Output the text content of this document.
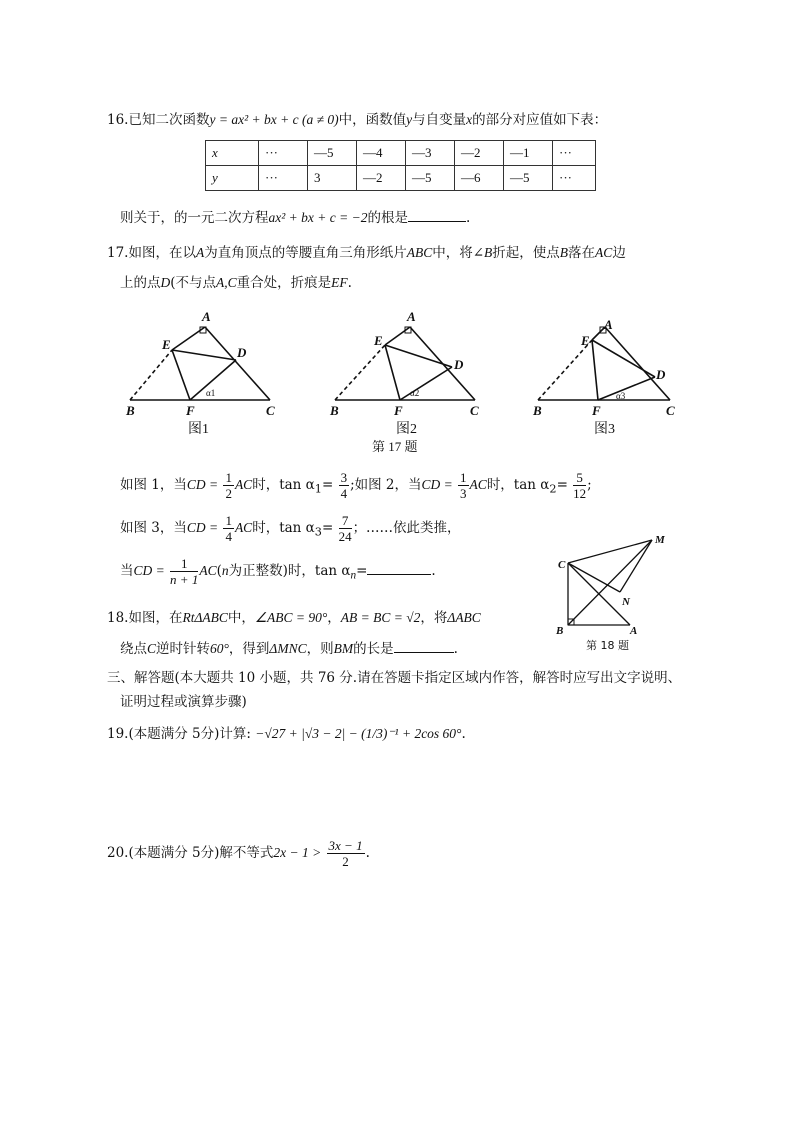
16.已知二次函数y = ax² + bx + c (a ≠ 0)中，函数值y与自变量x的部分对应值如下表：
x	···	—5	—4	—3	—2	—1	···
y	···	3	—2	—5	—6	—5	···
则关于，的一元二次方程ax² + bx + c = −2的根是	.
17.如图，在以A为直角顶点的等腰直角三角形纸片ABC中，将∠B折起，使点B落在AC边
上的点D(不与点A,C重合处，折痕是EF.
A
E
D
B	F	C
A
E
D
B	F	C
A
E
D
B	F	C
α1	α2	α3
图1	图2	图3
第 17 题
如图 1，当CD = $\frac{1}{2}$ AC时，$\tan \alpha_1= \frac{3}{4}$ ;如图 2，当CD = $\frac{1}{3}$ AC时，$\tan \alpha_2= \frac{5}{12}$ ;
如图 3，当CD = $\frac{1}{4}$ AC时，$\tan \alpha_3= \frac{7}{24}$ ；……依此类推，
当CD = $\frac{1}{n + 1} AC(n$为正整数)时，$\tan \alpha_n=$	.	C
M
N
B	A
第 18 题
18.如图，在RtΔABC中，∠ABC = 90°，AB = BC = √2，将ΔABC
绕点C逆时针转60°，得到ΔMNC，则BM的长是	.
三、解答题(本大题共 10 小题，共 76 分.请在答题卡指定区域内作答，解答时应写出文字说明、
证明过程或演算步骤)
19.(本题满分 5分)计算: −√27 + |√3 − 2| − (1/3)⁻¹ + 2cos 60°.
20.(本题满分 5分)解不等式$2x - 1 > \frac{3x - 1}{2}$ .
